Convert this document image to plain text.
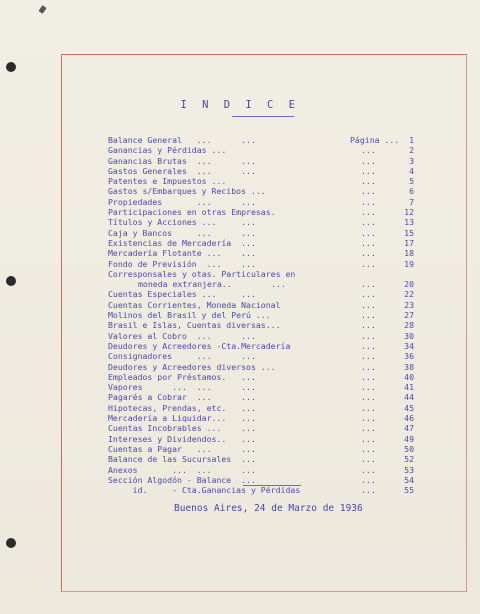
I N D I C E
Balance General   ...      ...	Página ...	1
Ganancias y Pérdidas ...	...	2
Ganancias Brutas  ...      ...	...	3
Gastos Generales  ...      ...	...	4
Patentes e Impuestos ...	...	5
Gastos s/Embarques y Recibos ...	...	6
Propiedades       ...      ...	...	7
Participaciones en otras Empresas.	...	12
Títulos y Acciones ...     ...	...	13
Caja y Bancos     ...      ...	...	15
Existencias de Mercadería  ...	...	17
Mercadería Flotante ...    ...	...	18
Fondo de Previsión  ...    ...	...	19
Corresponsales y otas. Particulares en
moneda extranjera..        ...	...	20
Cuentas Especiales ...     ...	...	22
Cuentas Corrientes, Moneda Nacional	...	23
Molinos del Brasil y del Perú ...	...	27
Brasil e Islas, Cuentas diversas...	...	28
Valores al Cobro  ...      ...	...	30
Deudores y Acreedores -Cta.Mercadería	...	34
Consignadores     ...      ...	...	36
Deudores y Acreedores diversos ...	...	38
Empleados por Préstamos.   ...	...	40
Vapores      ...  ...      ...	...	41
Pagarés a Cobrar  ...      ...	...	44
Hipotecas, Prendas, etc.   ...	...	45
Mercadería a Liquidar...   ...	...	46
Cuentas Incobrables ...    ...	...	47
Intereses y Dividendos..   ...	...	49
Cuentas a Pagar   ...      ...	...	50
Balance de las Sucursales  ...	...	52
Anexos       ...  ...      ...	...	53
Sección Algodón - Balance  ...	...	54
id.     - Cta.Ganancias y Pérdidas	...	55
Buenos Aires, 24 de Marzo de 1936
